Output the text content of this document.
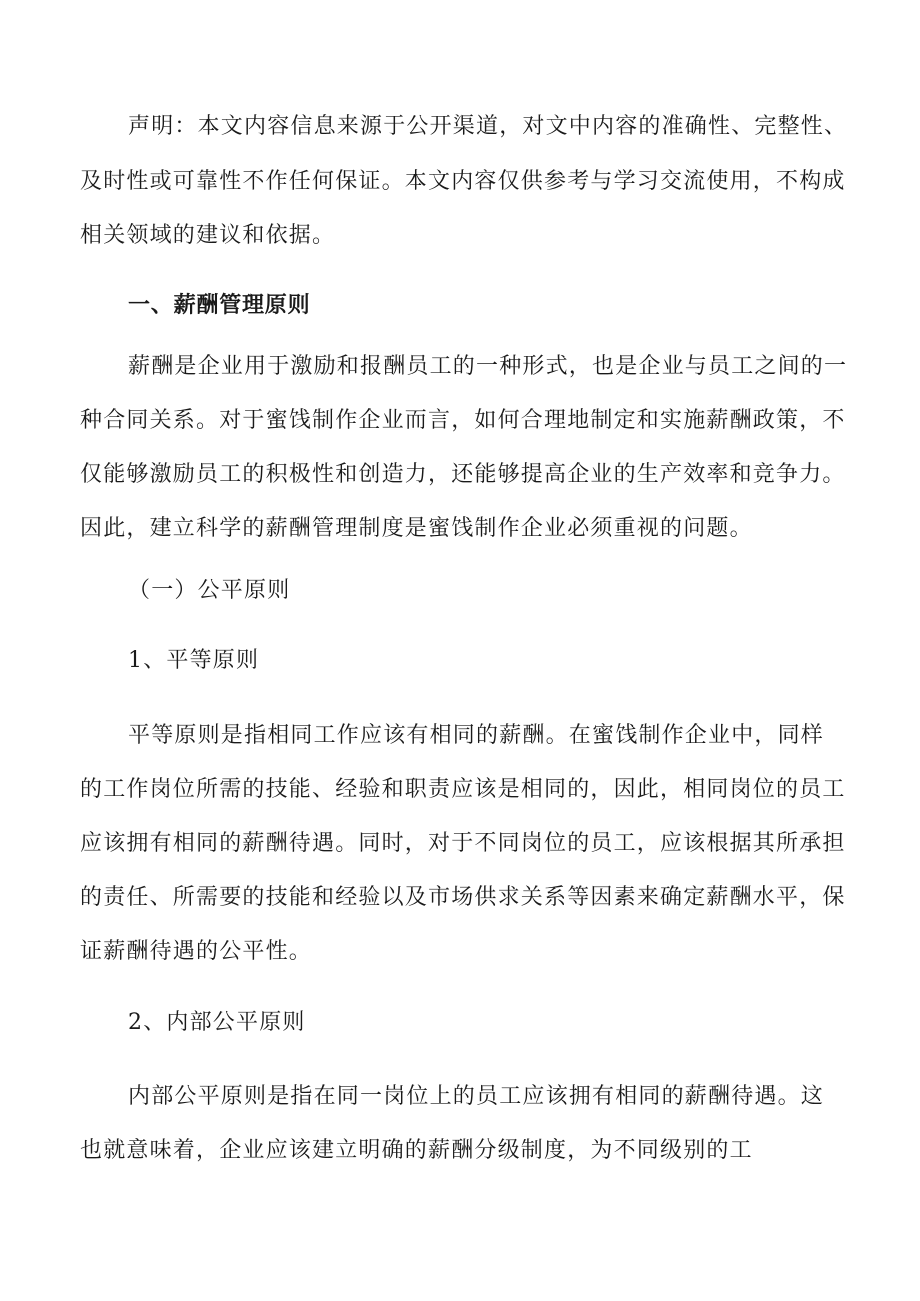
声明：本文内容信息来源于公开渠道，对文中内容的准确性、完整性、
及时性或可靠性不作任何保证。本文内容仅供参考与学习交流使用，不构成
相关领域的建议和依据。
一、薪酬管理原则
薪酬是企业用于激励和报酬员工的一种形式，也是企业与员工之间的一
种合同关系。对于蜜饯制作企业而言，如何合理地制定和实施薪酬政策，不
仅能够激励员工的积极性和创造力，还能够提高企业的生产效率和竞争力。
因此，建立科学的薪酬管理制度是蜜饯制作企业必须重视的问题。
（一）公平原则
1、平等原则
平等原则是指相同工作应该有相同的薪酬。在蜜饯制作企业中，同样
的工作岗位所需的技能、经验和职责应该是相同的，因此，相同岗位的员工
应该拥有相同的薪酬待遇。同时，对于不同岗位的员工，应该根据其所承担
的责任、所需要的技能和经验以及市场供求关系等因素来确定薪酬水平，保
证薪酬待遇的公平性。
2、内部公平原则
内部公平原则是指在同一岗位上的员工应该拥有相同的薪酬待遇。这
也就意味着，企业应该建立明确的薪酬分级制度，为不同级别的工
